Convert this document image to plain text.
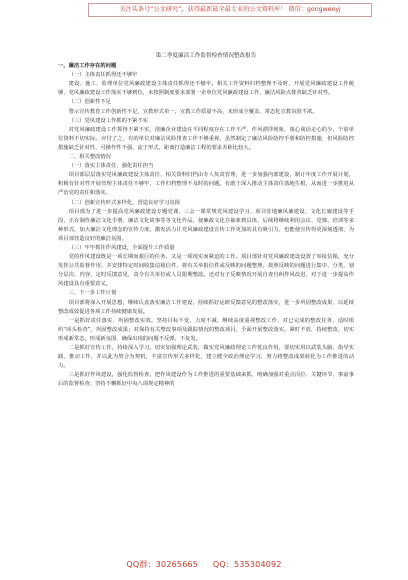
关注头条号“公文研究”，获得最新最全最专业的公文资料库！ 微信：gongwenyj

第二季度廉洁工作监督检查情况整改报告

一、廉洁工作存在的问题

（一）主体责任抓得还不够牢

建设、施工、监理单位党风廉政建设主体责任抓得还不够牢。相关工作资料归档整理不及时，开展党风廉政建设工作税够，党风廉政建设工作落实不够到位，未按照制度要求部署一企单位党风廉政建设工作，廉洁风险点排查缺乏针对性。

（二）创新性不足

警示宣传教育工作创新性不足，宣教形式单一，宣教工作质量不高，未形成全覆盖，常态化宣教氛围不浓。

（三）党风建设工作抓的不紧不实

对党风廉政建设工作抓得不紧不实，清廉企业建设在不同程度存在工作不严、作风漂浮现象，谈心谈话走心的少，个别单位资料不切实际、应付了之，有的单位对廉洁风险排查工作不够重视，虽然制定了廉洁风险防控手册和防控措施，但风险防控措施缺乏针对性、可操作性不强，流于形式，距离打造廉洁工程的要求差距比较大。

二、相关整改情况

（一）落实主体责任，强化责任担当

项目部层层落实党风廉政建设主体责任，相关资料归档由专人负责管理，进一步加强内部建设，制订年度工作开展计划，积极有针对性开展管理主体责任不够牢，工作归档整理不及时的问题。有助于深入推动主体责任落地生根，从而进一步推进从严治党的责任和落实。

（二）创新宣传形式多样化，营造良好学习氛围

项目部为了进一步提高党风廉政建设专题党课、三会一课常规党风建设学习、项目驻地廉风廉建设、文化长廊建设等手段，正在制作廉洁文化手册、廉洁文化故事等等文化作品，使廉政文化自抽象到具体、后续将继续利用会议、党课、培训等多种形式，加大廉洁文化理念的宣传力度，激发活力让党风廉政建设宣传工作更加的具有吸引力，也能使宣传得更深刻透彻，为项目部营造良好的廉洁氛围。

（三）牢牢抓住作风建设，全面提升工作质量

党的作风建设既是一项长期而艰巨的任务，又是一项现实而紧迫的工作。项目部针对党风廉政建设设置了举报信箱，充分发挥公共监督作用，并安排特定时间收集信箱信件，将有关举报信件或反映的问题整理，按照反映的问题进行集中、分类、划分层次、内容，定时反馈意见，责令有关单位或人员限期整改。还对有子反映情况开展自查自纠作风改进，对于进一步提高作风建设具有重要意义。

三、下一步工作计划

项目部将深入开展思想，继续认真落实廉洁工作建设，持续抓好运研反馈意见的整改落实，进一步巩固整改成果，以延续整改成效促进各项工作持续健康发展。

一是抓好责任落实，巩固整改实效。坚持目标不变、力度不减，继续高度重视整改工作，对已完成的整改任务，适时组织“回头检查”，巩固整改成果；对保持有关整改事项及跟踪情况的整改项目，全面开展整改落实，紧盯不放，持续整改，切实形成新常态，形成新氛围，确保出现的问题不反弹、不复发。

二是抓好宣传工作，持续深入学习。切实加强理论武装，做实党风廉政理论工作优良作用，要切实用以武装头脑、指导实践、推动工作，并以此为契合为契机，丰富宣传形式多样化，建立健全政治理论学习，努力将整改成果转化为工作推进的动力。

三是抓好作风建设，强化监督检查。把作风建设作为工作推进的重要基础来抓，明确加强对重点岗位、关键环节、事前事后的监督检查；坚持不懈抓好中央八项规定精神的

QQ群：30265665 QQ：535304092
